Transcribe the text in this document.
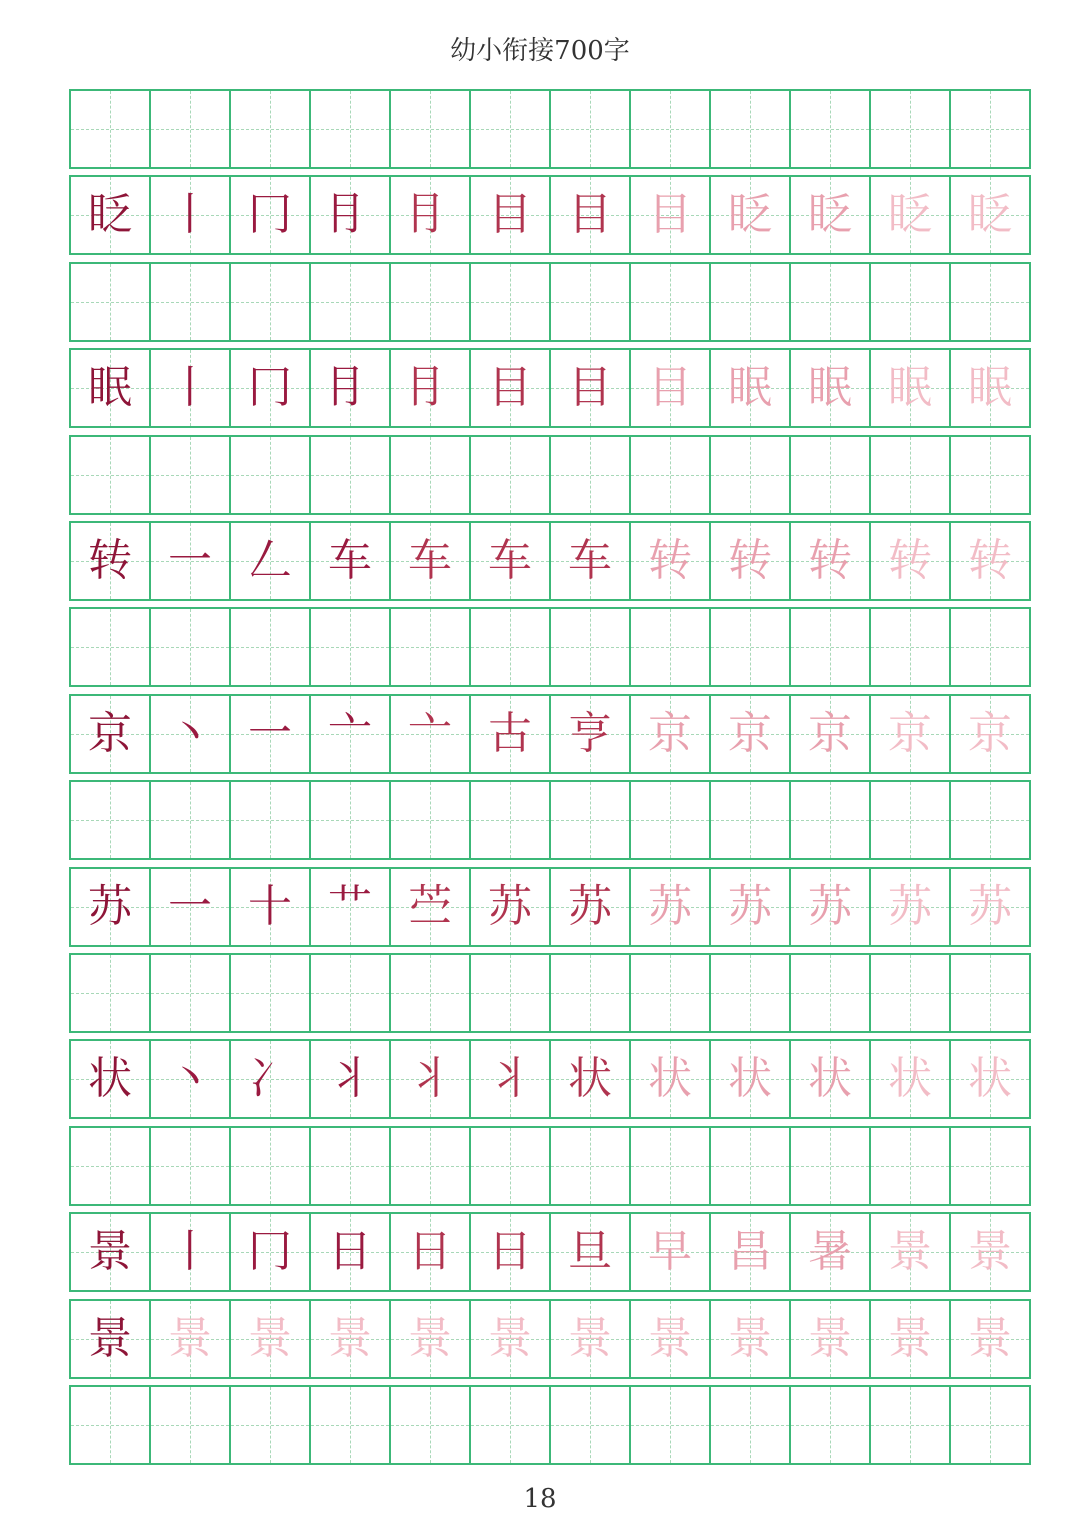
幼小衔接700字
眨 丨 冂 ⺝ ⺝ 目 目 目 眨 眨 眨 眨
眠 丨 冂 ⺝ ⺝ 目 目 目 眠 眠 眠 眠
转 一 𠃋 车 车 车 车 转 转 转 转 转
京 丶 一 亠 亠 古 亨 京 京 京 京 京
苏 一 十 艹 苎 苏 苏 苏 苏 苏 苏 苏
状 丶 冫 丬 丬 丬 状 状 状 状 状 状
景 丨 冂 日 日 日 旦 早 昌 暑 景 景
景 景 景 景 景 景 景 景 景 景 景 景
18
